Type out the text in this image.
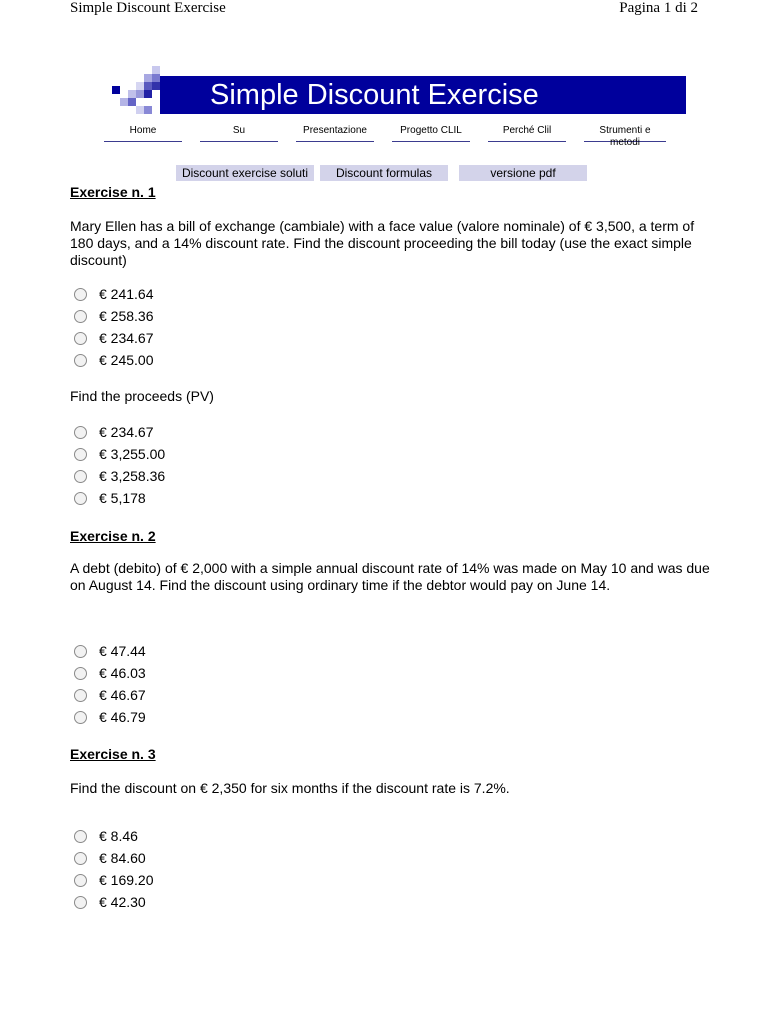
Simple Discount Exercise	Pagina 1 di 2
Simple Discount Exercise
Home	Su	Presentazione	Progetto CLIL	Perché Clil	Strumenti e metodi
Discount exercise soluti	Discount formulas	versione pdf
Exercise n. 1
Mary Ellen has a bill of exchange (cambiale) with a face value (valore nominale) of € 3,500, a term of 180 days, and a 14% discount rate. Find the discount proceeding the bill today (use the exact simple discount)
€ 241.64
€ 258.36
€ 234.67
€ 245.00
Find the proceeds (PV)
€ 234.67
€ 3,255.00
€ 3,258.36
€ 5,178
Exercise n. 2
A debt (debito) of € 2,000 with a simple annual discount rate of 14% was made on May 10 and was due on August 14. Find the discount using ordinary time if the debtor would pay on June 14.
€ 47.44
€ 46.03
€ 46.67
€ 46.79
Exercise n. 3
Find the discount on € 2,350 for six months if the discount rate is 7.2%.
€ 8.46
€ 84.60
€ 169.20
€ 42.30
